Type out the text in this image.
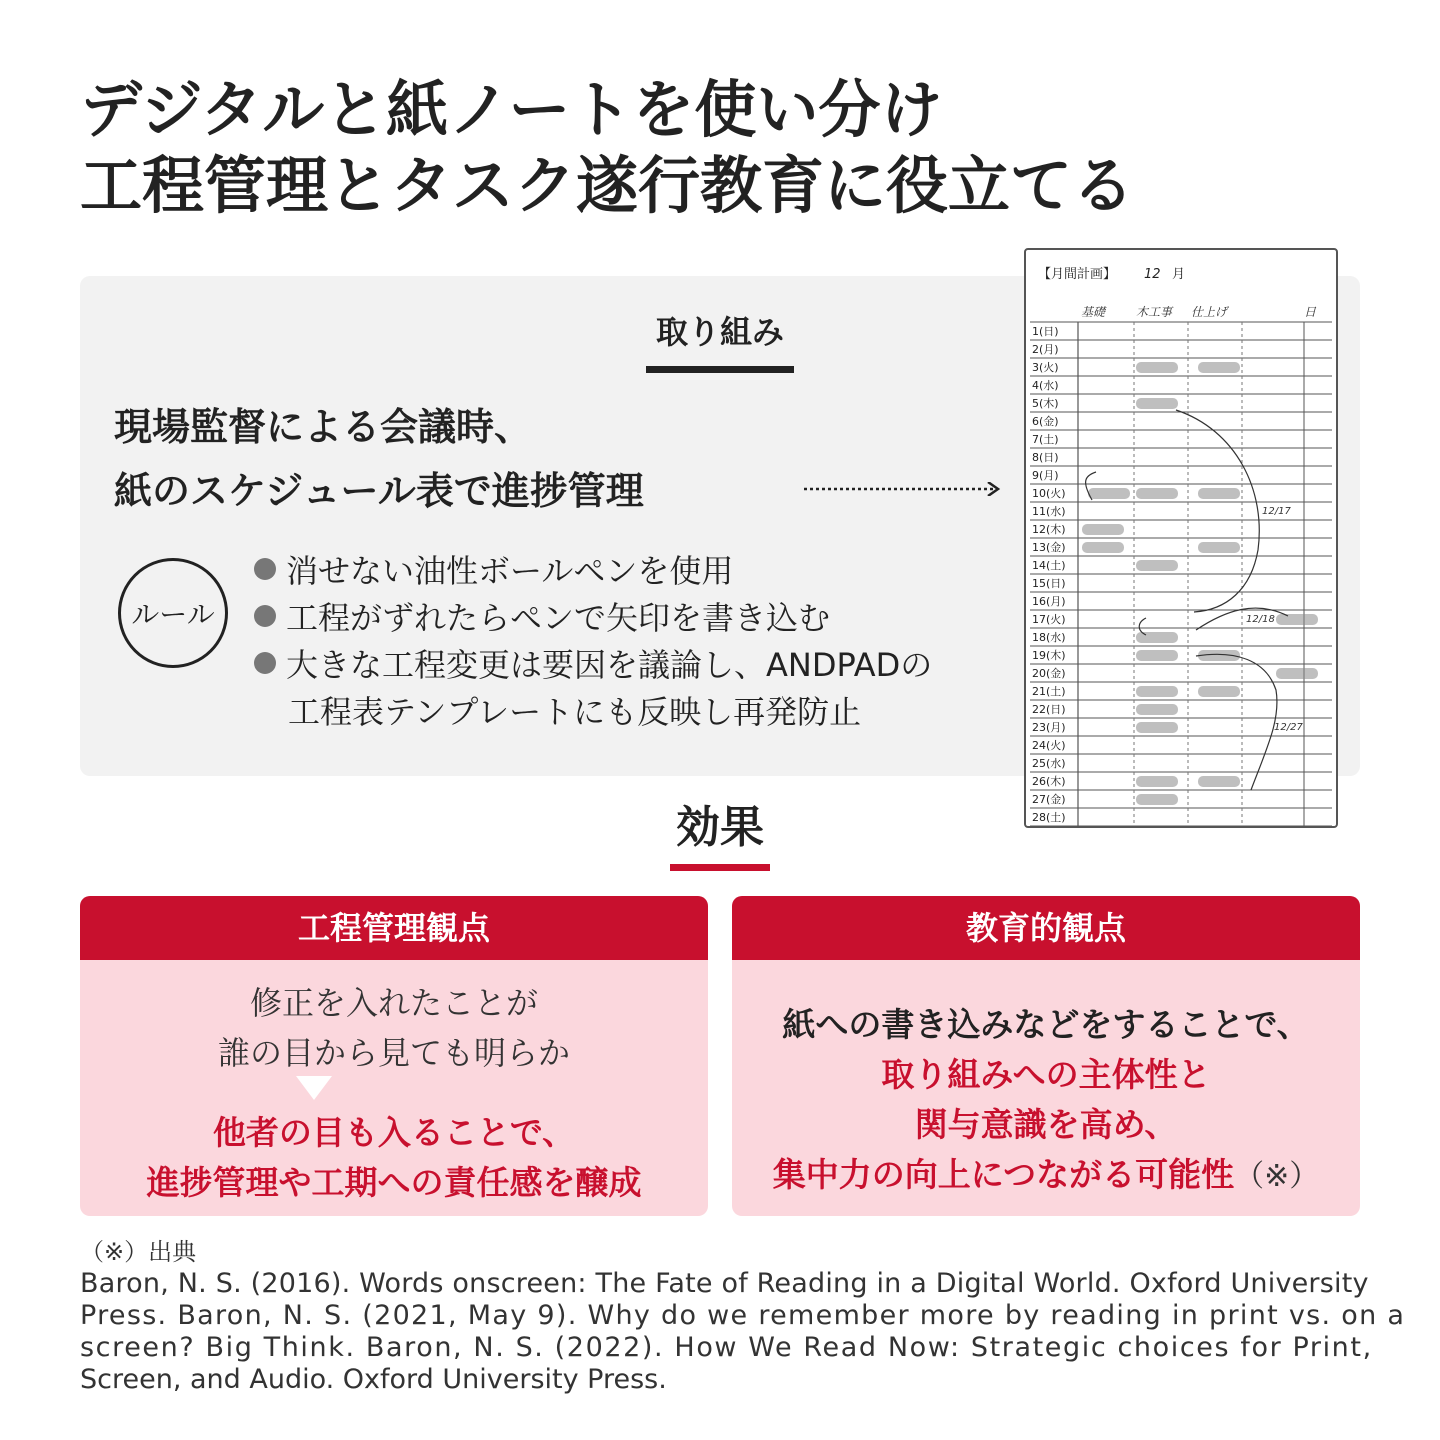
デジタルと紙ノートを使い分け
工程管理とタスク遂行教育に役立てる
取り組み
現場監督による会議時、
紙のスケジュール表で進捗管理
ルール
消せない油性ボールペンを使用
工程がずれたらペンで矢印を書き込む
大きな工程変更は要因を議論し、ANDPADの
工程表テンプレートにも反映し再発防止
【月間計画】 12 月
基礎	木工事 仕上げ	日
1(日)
2(月)
3(火)
4(水)
5(木)
6(金)
7(土)
8(日)
9(月)
10(火)
11(水)
12(木)
13(金)
14(土)
15(日)
16(月)
17(火)
18(水)
19(木)
20(金)
21(土)
22(日)
23(月)
24(火)
25(水)
26(木)
27(金)
28(土)
12/17
12/18
12/27
効果
工程管理観点
修正を入れたことが
誰の目から見ても明らか
他者の目も入ることで、
進捗管理や工期への責任感を醸成
教育的観点
紙への書き込みなどをすることで、
取り組みへの主体性と
関与意識を高め、
集中力の向上につながる可能性（※）
（※）出典
Baron, N. S. (2016). Words onscreen: The Fate of Reading in a Digital World. Oxford University
Press. Baron, N. S. (2021, May 9). Why do we remember more by reading in print vs. on a
screen? Big Think. Baron, N. S. (2022). How We Read Now: Strategic choices for Print,
Screen, and Audio. Oxford University Press.
